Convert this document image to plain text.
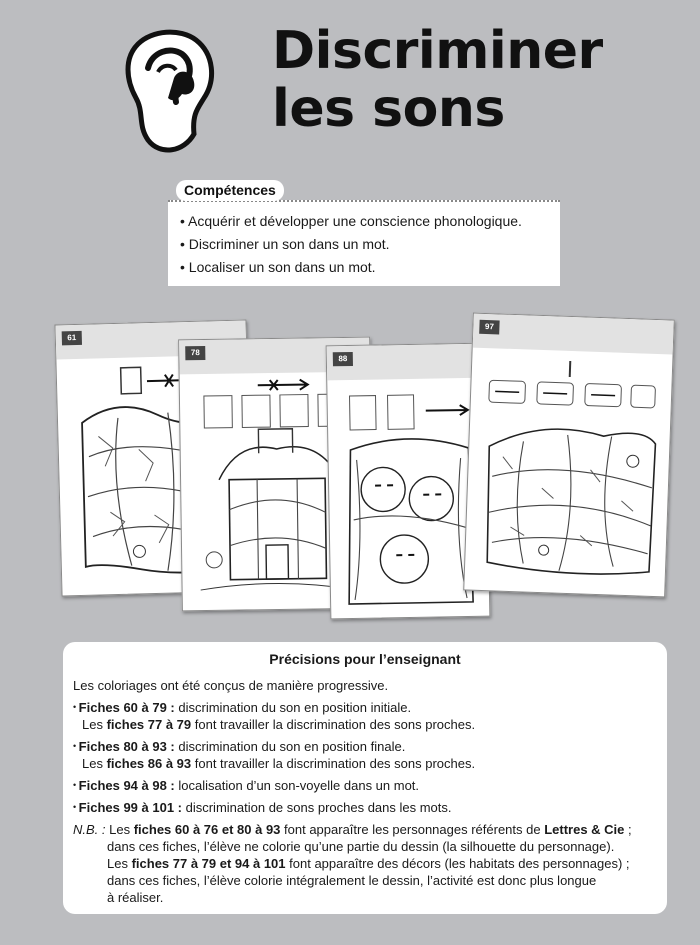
Discriminer
les sons
• Acquérir et développer une conscience phonologique.
• Discriminer un son dans un mot.
• Localiser un son dans un mot.
Compétences
61
78
88
97
Précisions pour l’enseignant
Les coloriages ont été conçus de manière progressive.
• Fiches 60 à 79 : discrimination du son en position initiale.
Les fiches 77 à 79 font travailler la discrimination des sons proches.
• Fiches 80 à 93 : discrimination du son en position finale.
Les fiches 86 à 93 font travailler la discrimination des sons proches.
• Fiches 94 à 98 : localisation d’un son-voyelle dans un mot.
• Fiches 99 à 101 : discrimination de sons proches dans les mots.
N.B. : Les fiches 60 à 76 et 80 à 93 font apparaître les personnages référents de Lettres & Cie ;
dans ces fiches, l’élève ne colorie qu’une partie du dessin (la silhouette du personnage).
Les fiches 77 à 79 et 94 à 101 font apparaître des décors (les habitats des personnages) ;
dans ces fiches, l’élève colorie intégralement le dessin, l’activité est donc plus longue
à réaliser.
